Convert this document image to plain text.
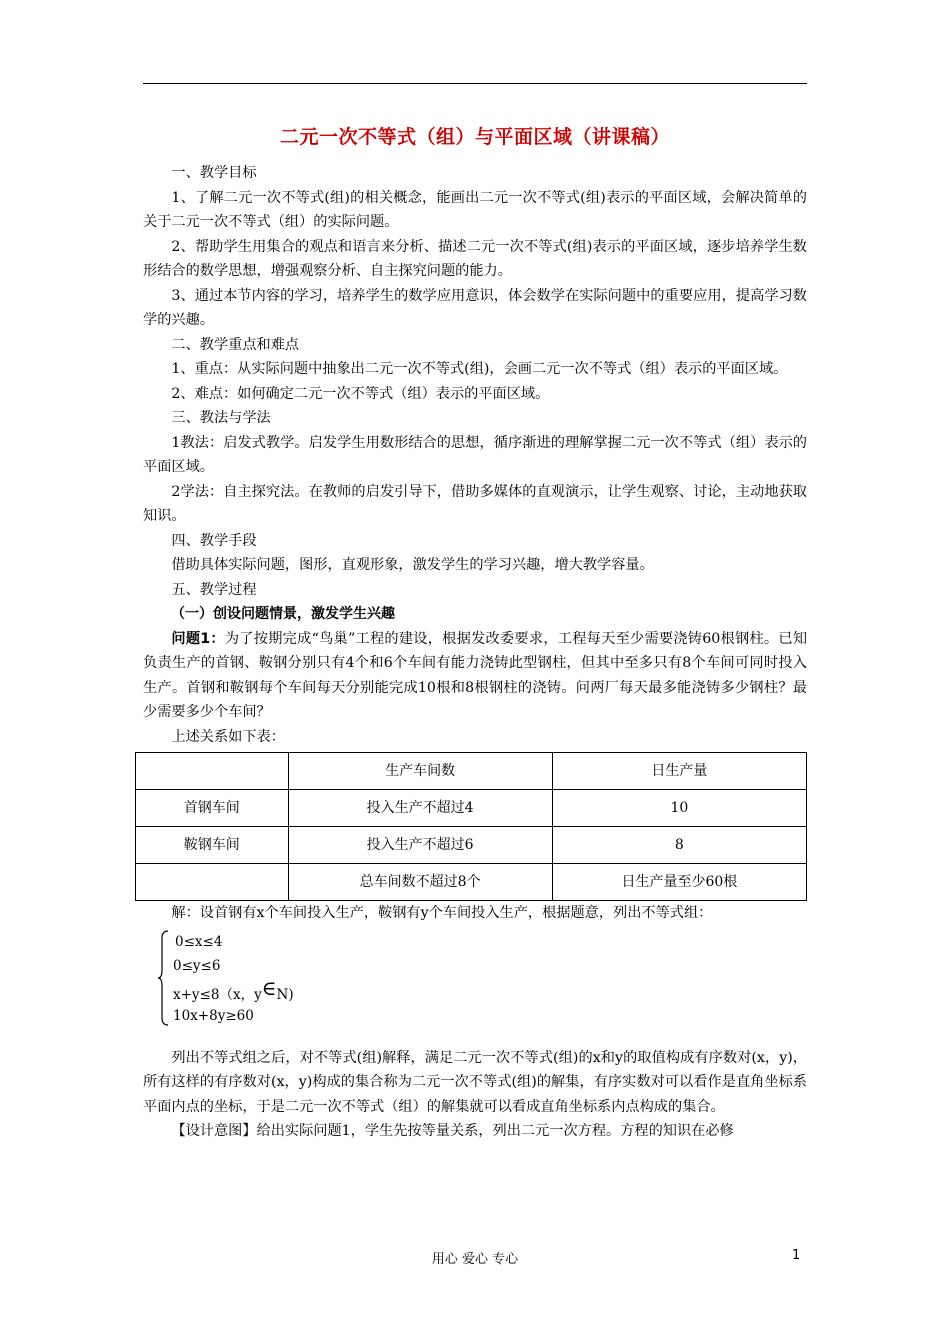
二元一次不等式（组）与平面区域（讲课稿）

一、教学目标

1、了解二元一次不等式(组)的相关概念，能画出二元一次不等式(组)表示的平面区域，会解决简单的关于二元一次不等式（组）的实际问题。

2、帮助学生用集合的观点和语言来分析、描述二元一次不等式(组)表示的平面区域，逐步培养学生数形结合的数学思想，增强观察分析、自主探究问题的能力。

3、通过本节内容的学习，培养学生的数学应用意识，体会数学在实际问题中的重要应用，提高学习数学的兴趣。

二、教学重点和难点

1、重点：从实际问题中抽象出二元一次不等式(组)，会画二元一次不等式（组）表示的平面区域。

2、难点：如何确定二元一次不等式（组）表示的平面区域。

三、教法与学法

1教法：启发式教学。启发学生用数形结合的思想，循序渐进的理解掌握二元一次不等式（组）表示的平面区域。

2学法：自主探究法。在教师的启发引导下，借助多媒体的直观演示，让学生观察、讨论，主动地获取知识。

四、教学手段

借助具体实际问题，图形，直观形象，激发学生的学习兴趣，增大教学容量。

五、教学过程

（一）创设问题情景，激发学生兴趣

问题1：为了按期完成“鸟巢”工程的建设，根据发改委要求，工程每天至少需要浇铸60根钢柱。已知负责生产的首钢、鞍钢分别只有4个和6个车间有能力浇铸此型钢柱，但其中至多只有8个车间可同时投入生产。首钢和鞍钢每个车间每天分别能完成10根和8根钢柱的浇铸。问两厂每天最多能浇铸多少钢柱？最少需要多少个车间？

上述关系如下表：

	生产车间数	日生产量
首钢车间	投入生产不超过4	10
鞍钢车间	投入生产不超过6	8
	总车间数不超过8个	日生产量至少60根

解：设首钢有x个车间投入生产，鞍钢有y个车间投入生产，根据题意，列出不等式组：

0≤x≤4
0≤y≤6
x+y≤8（x，y∈N)
10x+8y≥60

列出不等式组之后，对不等式(组)解释，满足二元一次不等式(组)的x和y的取值构成有序数对(x，y)，所有这样的有序数对(x，y)构成的集合称为二元一次不等式(组)的解集，有序实数对可以看作是直角坐标系平面内点的坐标，于是二元一次不等式（组）的解集就可以看成直角坐标系内点构成的集合。

【设计意图】给出实际问题1，学生先按等量关系，列出二元一次方程。方程的知识在必修

用心 爱心 专心	1
